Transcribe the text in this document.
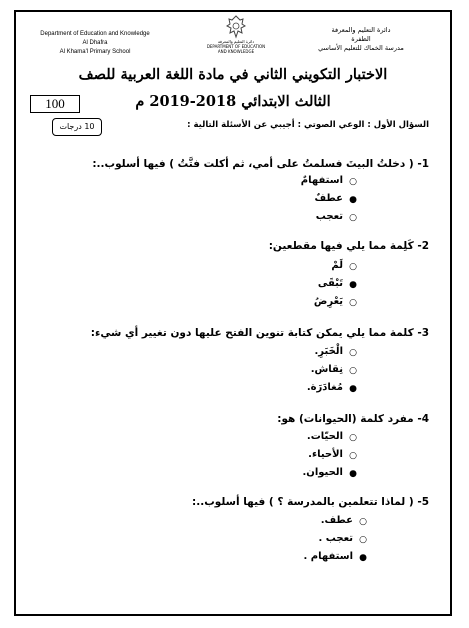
Department of Education and Knowledge
Al Dhafra
Al Khama'l Primary School
دائرة التعليم والمعرفة
DEPARTMENT OF EDUCATION
AND KNOWLEDGE
دائرة التعليم والمعرفة
الظفرة
مدرسة الخماك للتعليم الأساسي
الاختبار التكويني الثاني في مادة اللغة العربية للصف
الثالث الابتدائي 2018-2019 م
100
10 درجات	السؤال الأول : الوعي الصوتي : أجيبي عن الأسئلة التالية :
1- ( دخلتُ البيتَ فسلمتُ على أمي، ثم أكلت فتَّتُ ) فيها أسلوب..:
○
استفهامٌ
●
عطفٌ
○
تعجب
2- كَلِمة مما يلي فيها مقطعين:
○
لَمْ
●
تَبْقَى
○
يَعْرِضُ
3- كلمة مما يلي يمكن كتابة تنوين الفتح عليها دون تغيير أي شيء:
○
الْخَبَرِ.
○
نِقاش.
●
مُغادَرَة.
4- مفرد كلمة (الحيوانات) هو:
○
الحيّات.
○
الأحياء.
●
الحيوان.
5- ( لماذا تتعلمين بالمدرسة ؟ ) فيها أسلوب..:
○
عطف.
○
تعجب .
●
استفهام .
